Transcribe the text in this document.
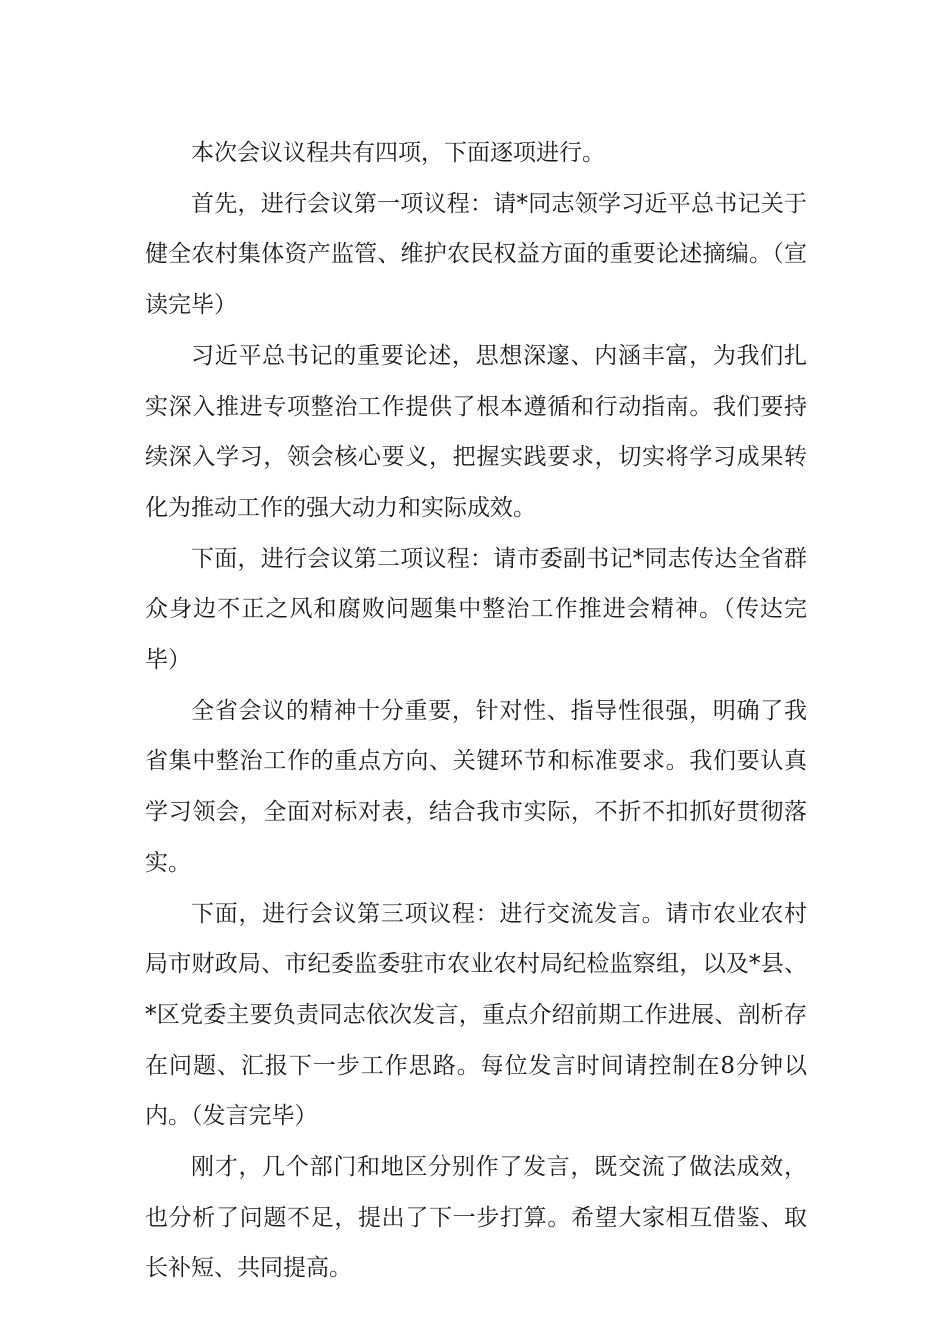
本次会议议程共有四项，下面逐项进行。

首先，进行会议第一项议程：请*同志领学习近平总书记关于健全农村集体资产监管、维护农民权益方面的重要论述摘编。（宣读完毕）

习近平总书记的重要论述，思想深邃、内涵丰富，为我们扎实深入推进专项整治工作提供了根本遵循和行动指南。我们要持续深入学习，领会核心要义，把握实践要求，切实将学习成果转化为推动工作的强大动力和实际成效。

下面，进行会议第二项议程：请市委副书记*同志传达全省群众身边不正之风和腐败问题集中整治工作推进会精神。（传达完毕）

全省会议的精神十分重要，针对性、指导性很强，明确了我省集中整治工作的重点方向、关键环节和标准要求。我们要认真学习领会，全面对标对表，结合我市实际，不折不扣抓好贯彻落实。

下面，进行会议第三项议程：进行交流发言。请市农业农村局市财政局、市纪委监委驻市农业农村局纪检监察组，以及*县、*区党委主要负责同志依次发言，重点介绍前期工作进展、剖析存在问题、汇报下一步工作思路。每位发言时间请控制在8分钟以内。（发言完毕）

刚才，几个部门和地区分别作了发言，既交流了做法成效，也分析了问题不足，提出了下一步打算。希望大家相互借鉴、取长补短、共同提高。
